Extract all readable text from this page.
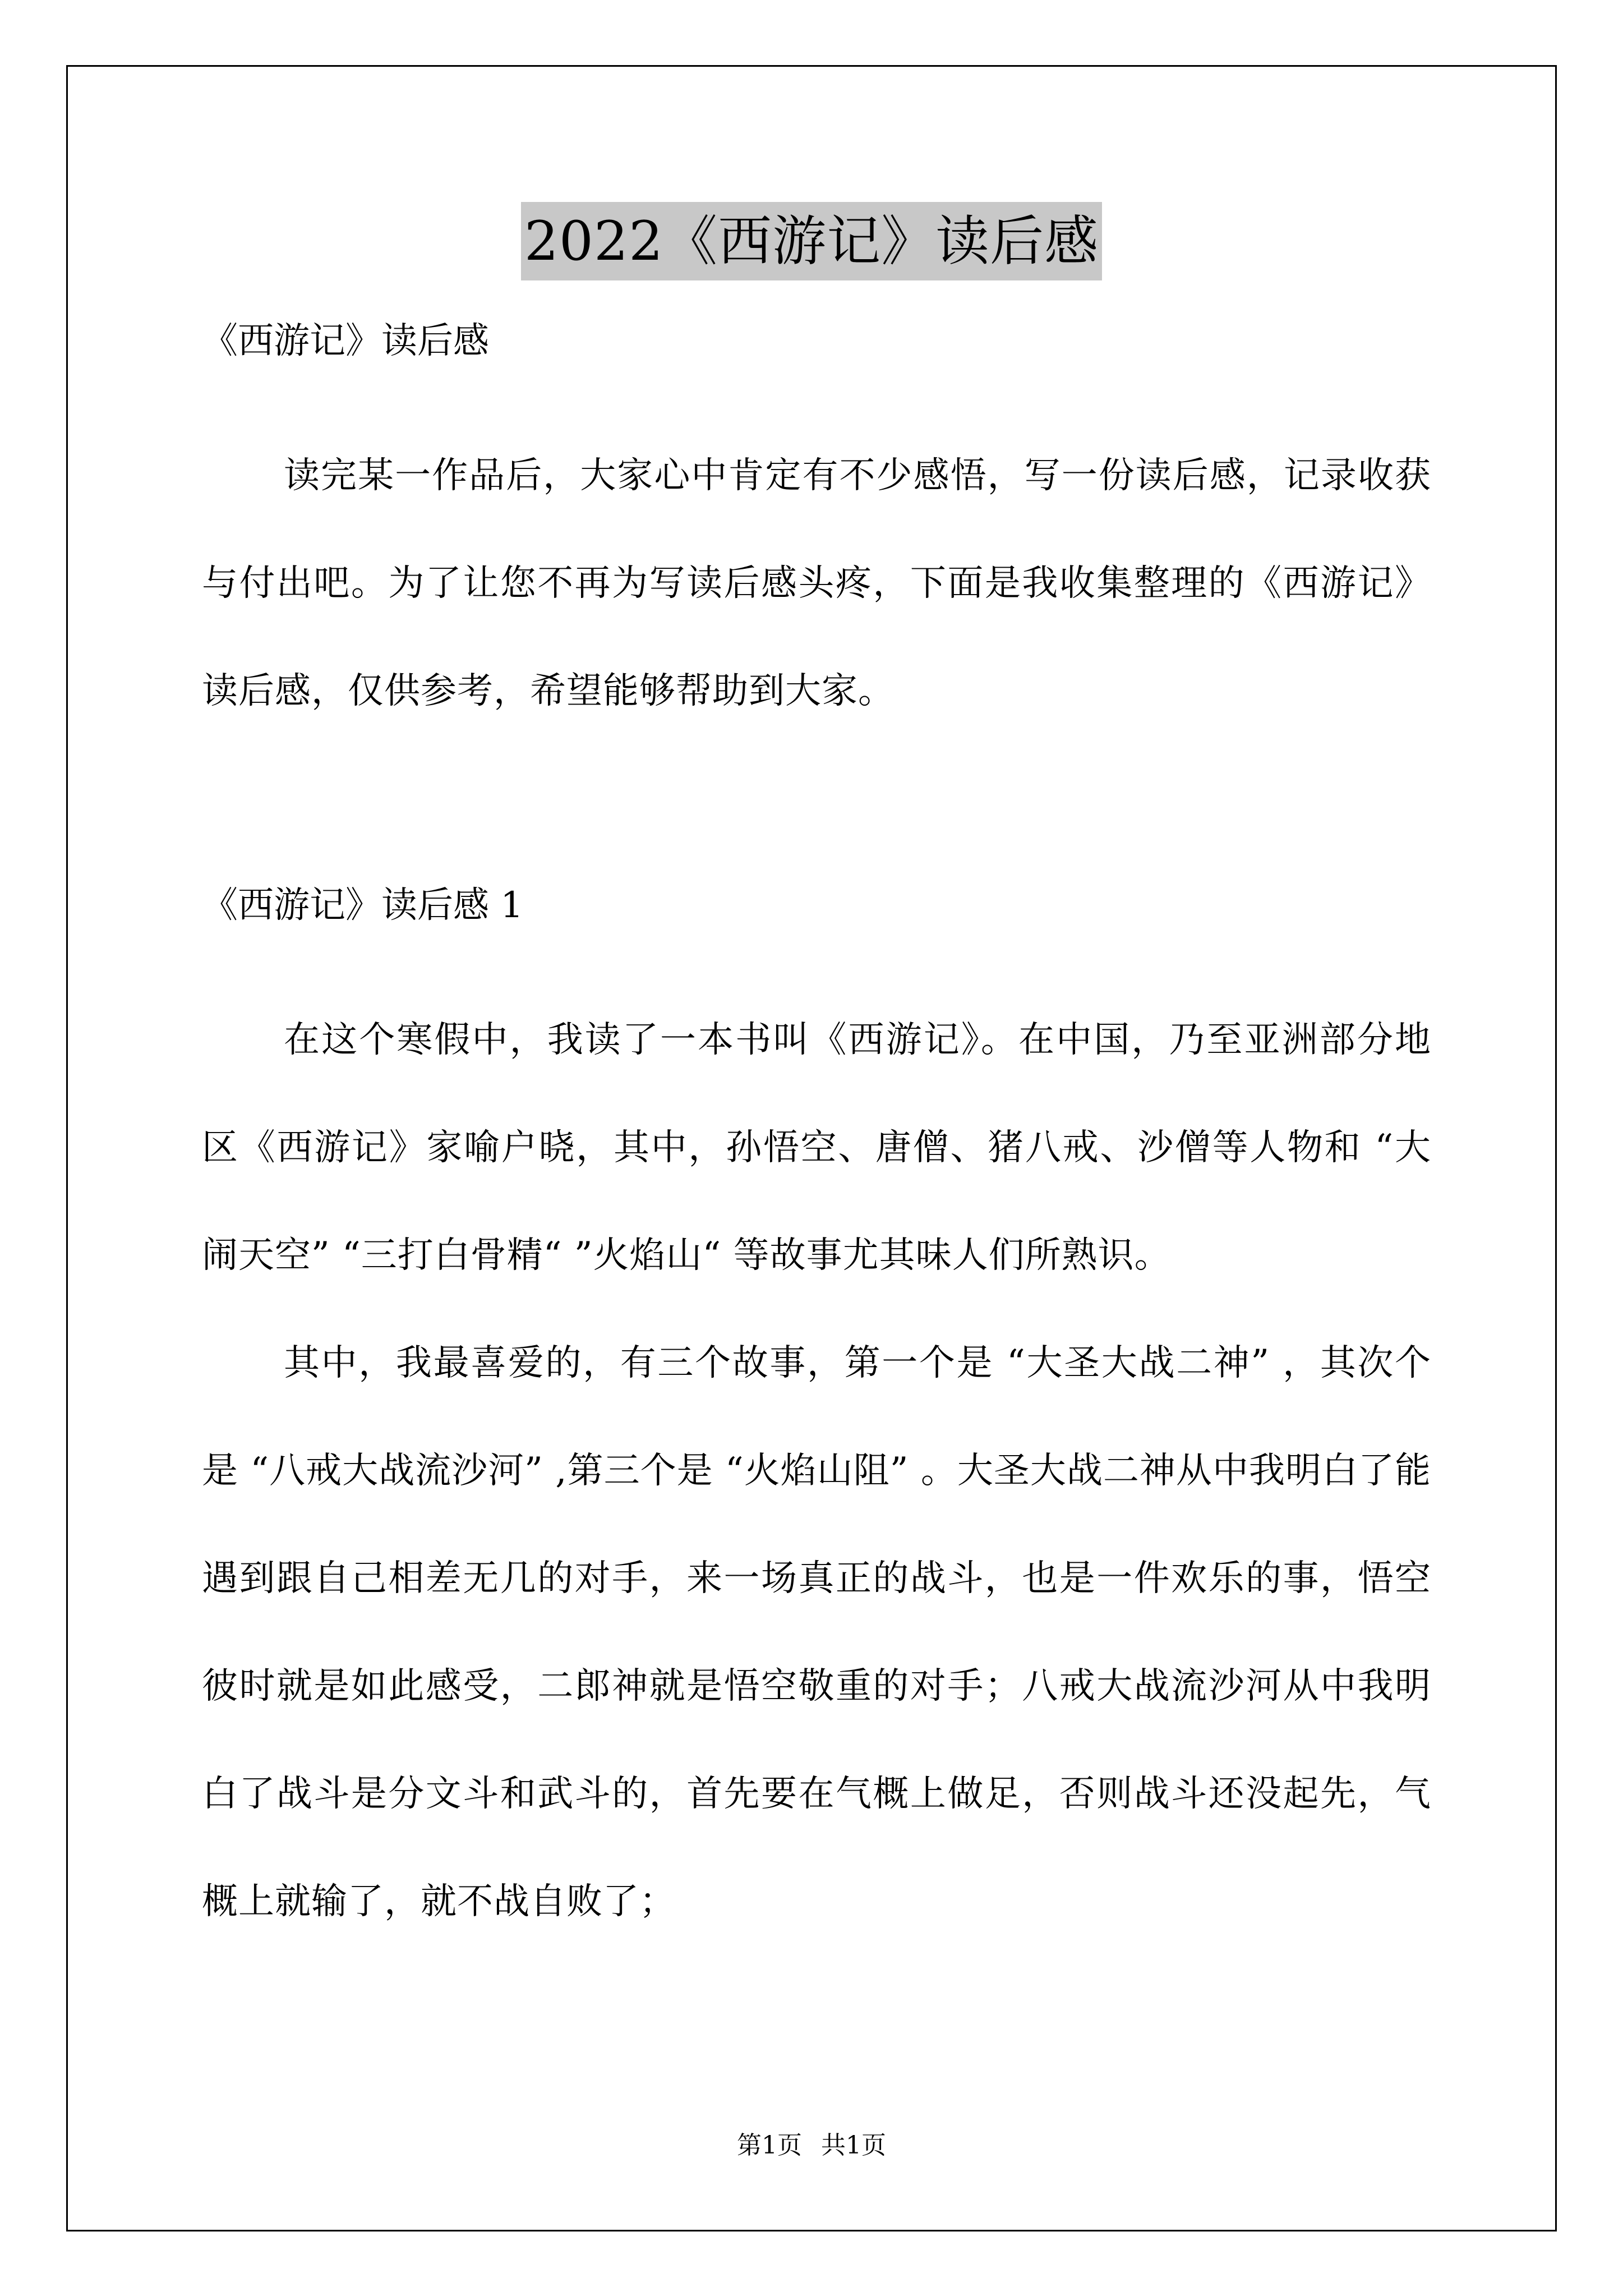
2022《西游记》读后感

《西游记》读后感

读完某一作品后，大家心中肯定有不少感悟，写一份读后感，记录收获与付出吧。为了让您不再为写读后感头疼，下面是我收集整理的《西游记》读后感，仅供参考，希望能够帮助到大家。

《西游记》读后感 1

在这个寒假中，我读了一本书叫《西游记》。在中国，乃至亚洲部分地区《西游记》家喻户晓，其中，孙悟空、唐僧、猪八戒、沙僧等人物和 “大闹天空” “三打白骨精“ ”火焰山“ 等故事尤其味人们所熟识。

其中，我最喜爱的，有三个故事，第一个是 “大圣大战二神” ，其次个是 “八戒大战流沙河” ,第三个是 “火焰山阻” 。大圣大战二神从中我明白了能遇到跟自己相差无几的对手，来一场真正的战斗，也是一件欢乐的事，悟空彼时就是如此感受，二郎神就是悟空敬重的对手；八戒大战流沙河从中我明白了战斗是分文斗和武斗的，首先要在气概上做足，否则战斗还没起先，气概上就输了，就不战自败了；

第1页 共1页
